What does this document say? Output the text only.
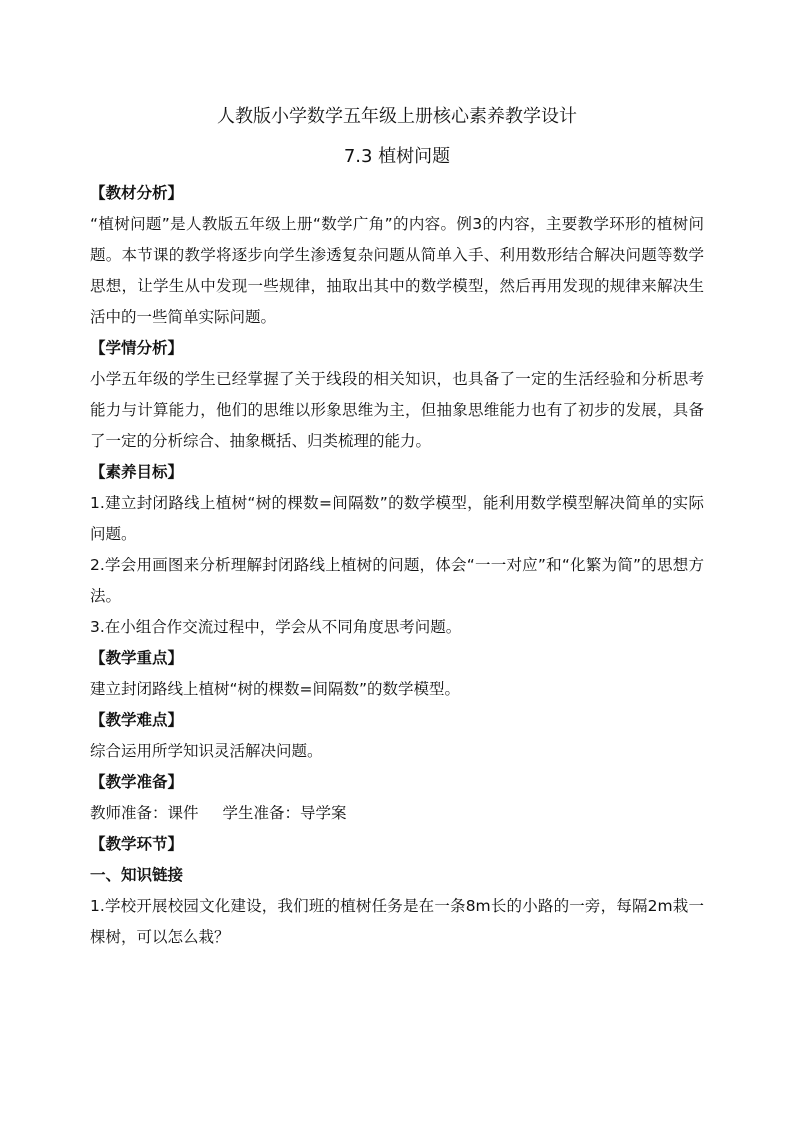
人教版小学数学五年级上册核心素养教学设计
7.3 植树问题

【教材分析】

“植树问题”是人教版五年级上册“数学广角”的内容。例3的内容，主要教学环形的植树问题。本节课的教学将逐步向学生渗透复杂问题从简单入手、利用数形结合解决问题等数学思想，让学生从中发现一些规律，抽取出其中的数学模型，然后再用发现的规律来解决生活中的一些简单实际问题。

【学情分析】

小学五年级的学生已经掌握了关于线段的相关知识，也具备了一定的生活经验和分析思考能力与计算能力，他们的思维以形象思维为主，但抽象思维能力也有了初步的发展，具备了一定的分析综合、抽象概括、归类梳理的能力。

【素养目标】

1.建立封闭路线上植树“树的棵数=间隔数”的数学模型，能利用数学模型解决简单的实际问题。

2.学会用画图来分析理解封闭路线上植树的问题，体会“一一对应”和“化繁为简”的思想方法。

3.在小组合作交流过程中，学会从不同角度思考问题。

【教学重点】

建立封闭路线上植树“树的棵数=间隔数”的数学模型。

【教学难点】

综合运用所学知识灵活解决问题。

【教学准备】

教师准备：课件 学生准备：导学案

【教学环节】

一、知识链接

1.学校开展校园文化建设，我们班的植树任务是在一条8m长的小路的一旁，每隔2m栽一棵树，可以怎么栽？
